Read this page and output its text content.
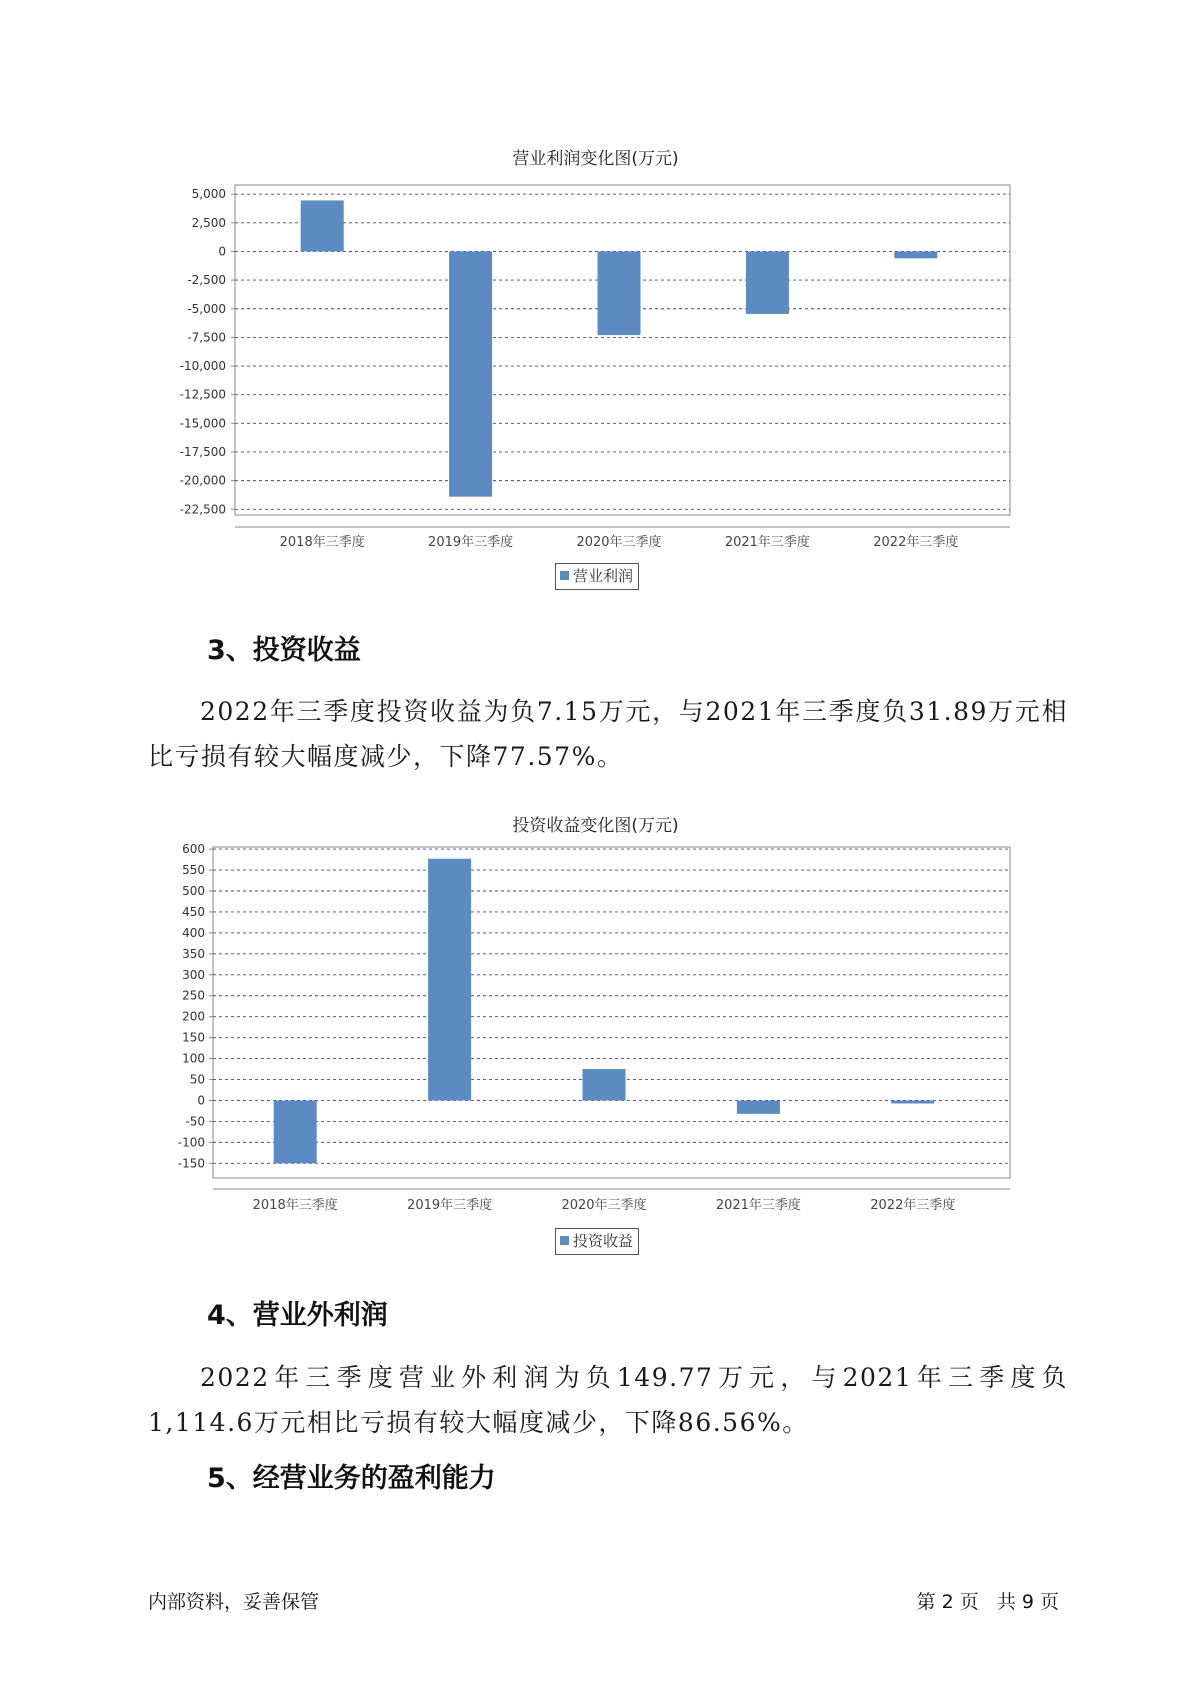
营业利润变化图(万元)
5,000
2,500
0
-2,500
-5,000
-7,500
-10,000
-12,500
-15,000
-17,500
-20,000
-22,500
2018年三季度	2019年三季度	2020年三季度	2021年三季度	2022年三季度
营业利润
3、投资收益

2022年三季度投资收益为负7.15万元，与2021年三季度负31.89万元相比亏损有较大幅度减少，下降77.57%。

投资收益变化图(万元)
600
550
500
450
400
350
300
250
200
150
100
50
0
-50
-100
-150
2018年三季度	2019年三季度	2020年三季度	2021年三季度	2022年三季度
投资收益
4、营业外利润

2022年三季度营业外利润为负149.77万元，与2021年三季度负1,114.6万元相比亏损有较大幅度减少，下降86.56%。

5、经营业务的盈利能力
内部资料，妥善保管	第 2 页   共 9 页
